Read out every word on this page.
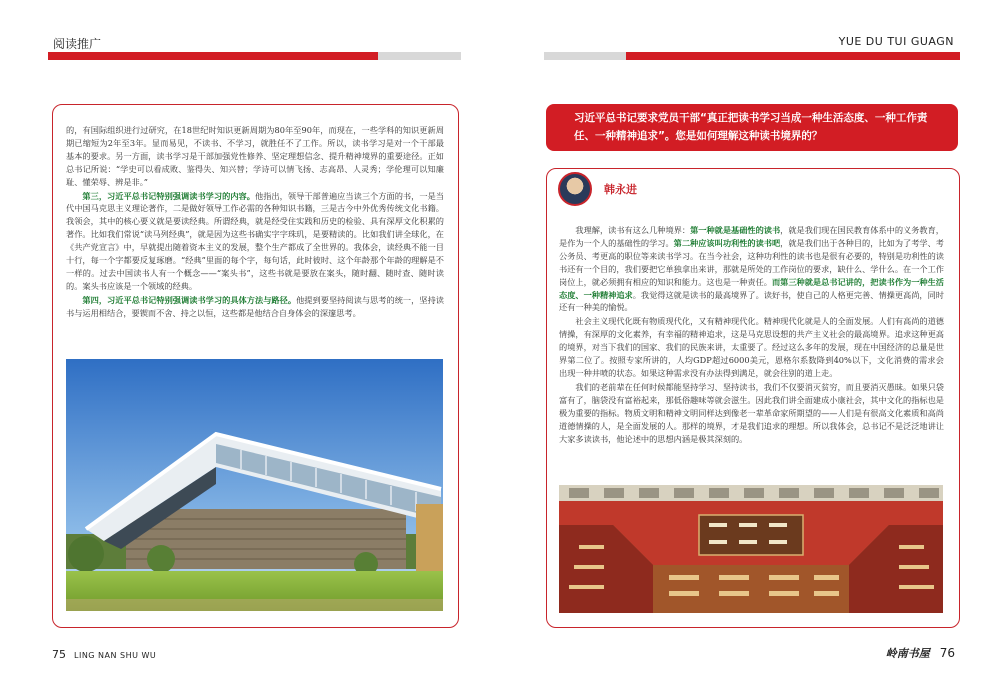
阅读推广	YUE DU TUI GUAGN

的，有国际组织进行过研究，在18世纪时知识更新周期为80年至90年，而现在，一些学科的知识更新周期已缩短为2年至3年。显而易见，不读书、不学习，就胜任不了工作。所以，读书学习是对一个干部最基本的要求。另一方面，读书学习是干部加强党性修养、坚定理想信念、提升精神境界的重要途径。正如总书记所说：“学史可以看成败、鉴得失、知兴替；学诗可以情飞扬、志高昂、人灵秀；学伦理可以知廉耻、懂荣辱、辨是非。”

第三，习近平总书记特别强调读书学习的内容。他指出，领导干部普遍应当读三个方面的书，一是当代中国马克思主义理论著作，二是做好领导工作必需的各种知识书籍，三是古今中外优秀传统文化书籍。我领会，其中的核心要义就是要读经典。所谓经典，就是经受住实践和历史的检验、具有深厚文化积累的著作。比如我们常说“读马列经典”，就是因为这些书确实字字珠玑，是要精读的。比如我们讲全球化，在《共产党宣言》中，早就提出随着资本主义的发展，整个生产都成了全世界的。我体会，读经典不能一目十行，每一个字都要反复琢磨。“经典”里面的每个字，每句话，此时彼时、这个年龄那个年龄的理解是不一样的。过去中国读书人有一个概念——“案头书”，这些书就是要放在案头，随时翻、随时查、随时读的。案头书应该是一个领域的经典。

第四，习近平总书记特别强调读书学习的具体方法与路径。他提到要坚持阅读与思考的统一，坚持读书与运用相结合，要锲而不舍、持之以恒，这些都是他结合自身体会的深邃思考。

习近平总书记要求党员干部“真正把读书学习当成一种生活态度、一种工作责任、一种精神追求”。您是如何理解这种读书境界的？
韩永进

我理解，读书有这么几种境界：第一种就是基础性的读书，就是我们现在国民教育体系中的义务教育，是作为一个人的基础性的学习。第二种应该叫功利性的读书吧，就是我们出于各种目的，比如为了考学、考公务员、考更高的职位等来读书学习。在当今社会，这种功利性的读书也是很有必要的，特别是功利性的读书还有一个目的，我们要把它单独拿出来讲，那就是所处的工作岗位的要求，缺什么、学什么。在一个工作岗位上，就必须拥有相应的知识和能力。这也是一种责任。而第三种就是总书记讲的，把读书作为一种生活态度、一种精神追求。我觉得这就是读书的最高境界了。读好书，使自己的人格更完善、情操更高尚，同时还有一种美的愉悦。

社会主义现代化既有物质现代化，又有精神现代化。精神现代化就是人的全面发展。人们有高尚的道德情操，有深厚的文化素养，有幸福的精神追求，这是马克思设想的共产主义社会的最高境界。追求这种更高的境界，对当下我们的国家、我们的民族来讲，太重要了。经过这么多年的发展，现在中国经济的总量是世界第二位了。按照专家所讲的，人均GDP超过6000美元，恩格尔系数降到40%以下，文化消费的需求会出现一种井喷的状态。如果这种需求没有办法得到满足，就会往别的道上走。

我们的老前辈在任何时候都能坚持学习、坚持读书，我们不仅要消灭贫穷，而且要消灭愚昧。如果只袋富有了，脑袋没有富裕起来，那低俗趣味等就会滋生。因此我们讲全面建成小康社会，其中文化的指标也是极为重要的指标。物质文明和精神文明同样达到像老一辈革命家所期望的——人们是有很高文化素质和高尚道德情操的人，是全面发展的人。那样的境界，才是我们追求的理想。所以我体会，总书记不是泛泛地讲让大家多读读书，他论述中的思想内涵是极其深刻的。

75 LING NAN SHU WU	岭南书屋 76
